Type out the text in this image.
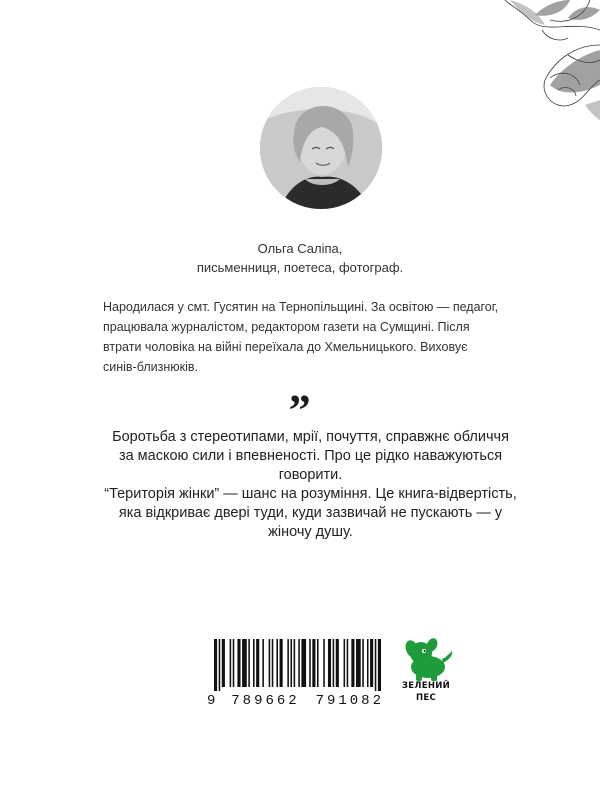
Ольга Саліпа,
письменниця, поетеса, фотограф.
Народилася у смт. Гусятин на Тернопільщині. За освітою — педагог, працювала журналістом, редактором газети на Сумщині. Після втрати чоловіка на війні переїхала до Хмельницького. Виховує синів-близнюків.	„

Боротьба з стереотипами, мрії, почуття, справжнє обличчя за маскою сили і впевненості. Про це рідко наважуються говорити.

“Територія жінки” — шанс на розуміння. Це книга-відвертість, яка відкриває двері туди, куди зазвичай не пускають — у жіночу душу.

9 789662 791082
ЗЕЛЕНИЙ
ПЕС
